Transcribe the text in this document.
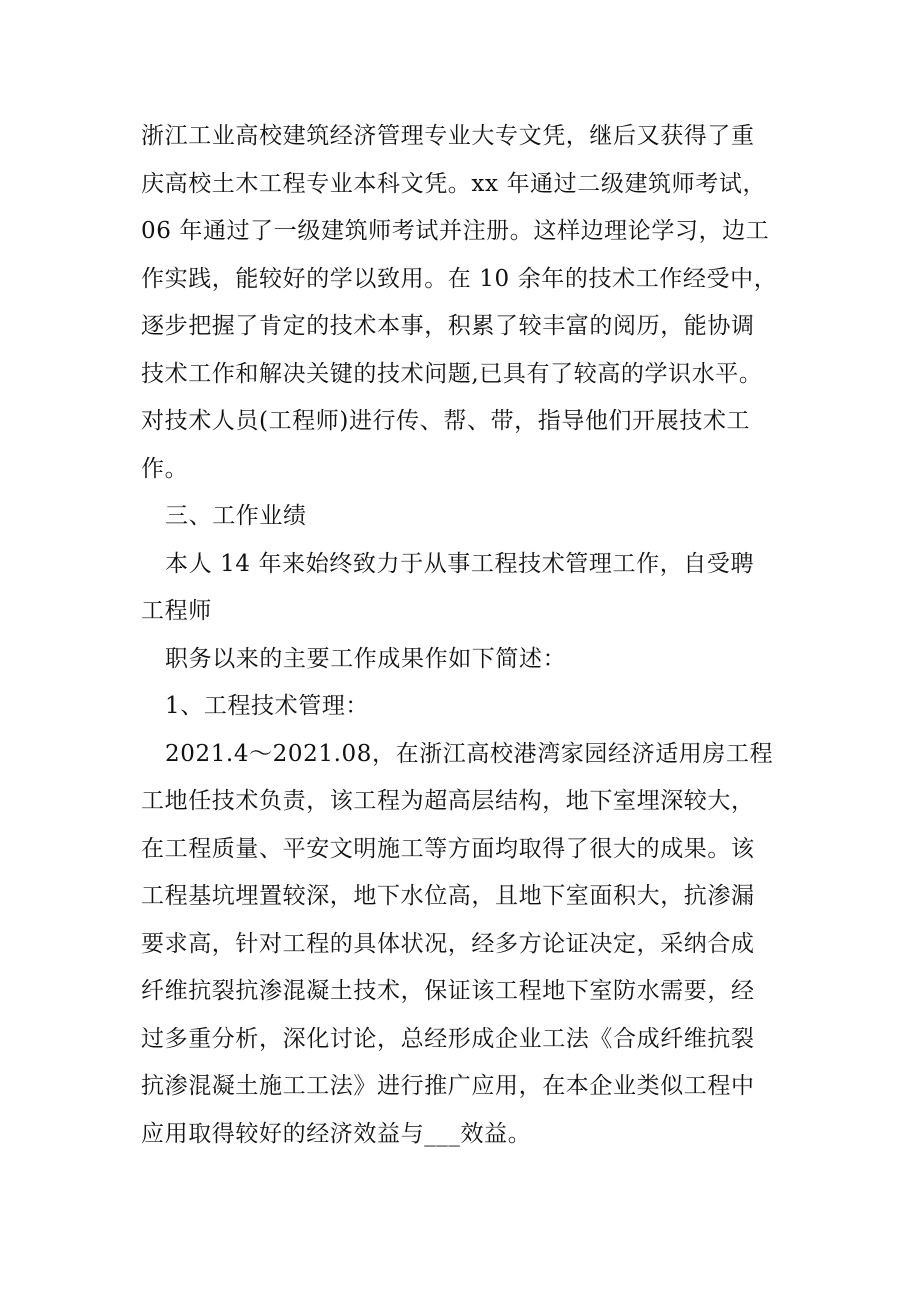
浙江工业高校建筑经济管理专业大专文凭，继后又获得了重
庆高校土木工程专业本科文凭。xx 年通过二级建筑师考试，
06 年通过了一级建筑师考试并注册。这样边理论学习，边工
作实践，能较好的学以致用。在 10 余年的技术工作经受中，
逐步把握了肯定的技术本事，积累了较丰富的阅历，能协调
技术工作和解决关键的技术问题,已具有了较高的学识水平。
对技术人员(工程师)进行传、帮、带，指导他们开展技术工
作。
三、工作业绩
本人 14 年来始终致力于从事工程技术管理工作，自受聘
工程师
职务以来的主要工作成果作如下简述：
1、工程技术管理：
2021.4～2021.08，在浙江高校港湾家园经济适用房工程
工地任技术负责，该工程为超高层结构，地下室埋深较大，
在工程质量、平安文明施工等方面均取得了很大的成果。该
工程基坑埋置较深，地下水位高，且地下室面积大，抗渗漏
要求高，针对工程的具体状况，经多方论证决定，采纳合成
纤维抗裂抗渗混凝土技术，保证该工程地下室防水需要，经
过多重分析，深化讨论，总经形成企业工法《合成纤维抗裂
抗渗混凝土施工工法》进行推广应用，在本企业类似工程中
应用取得较好的经济效益与___效益。
